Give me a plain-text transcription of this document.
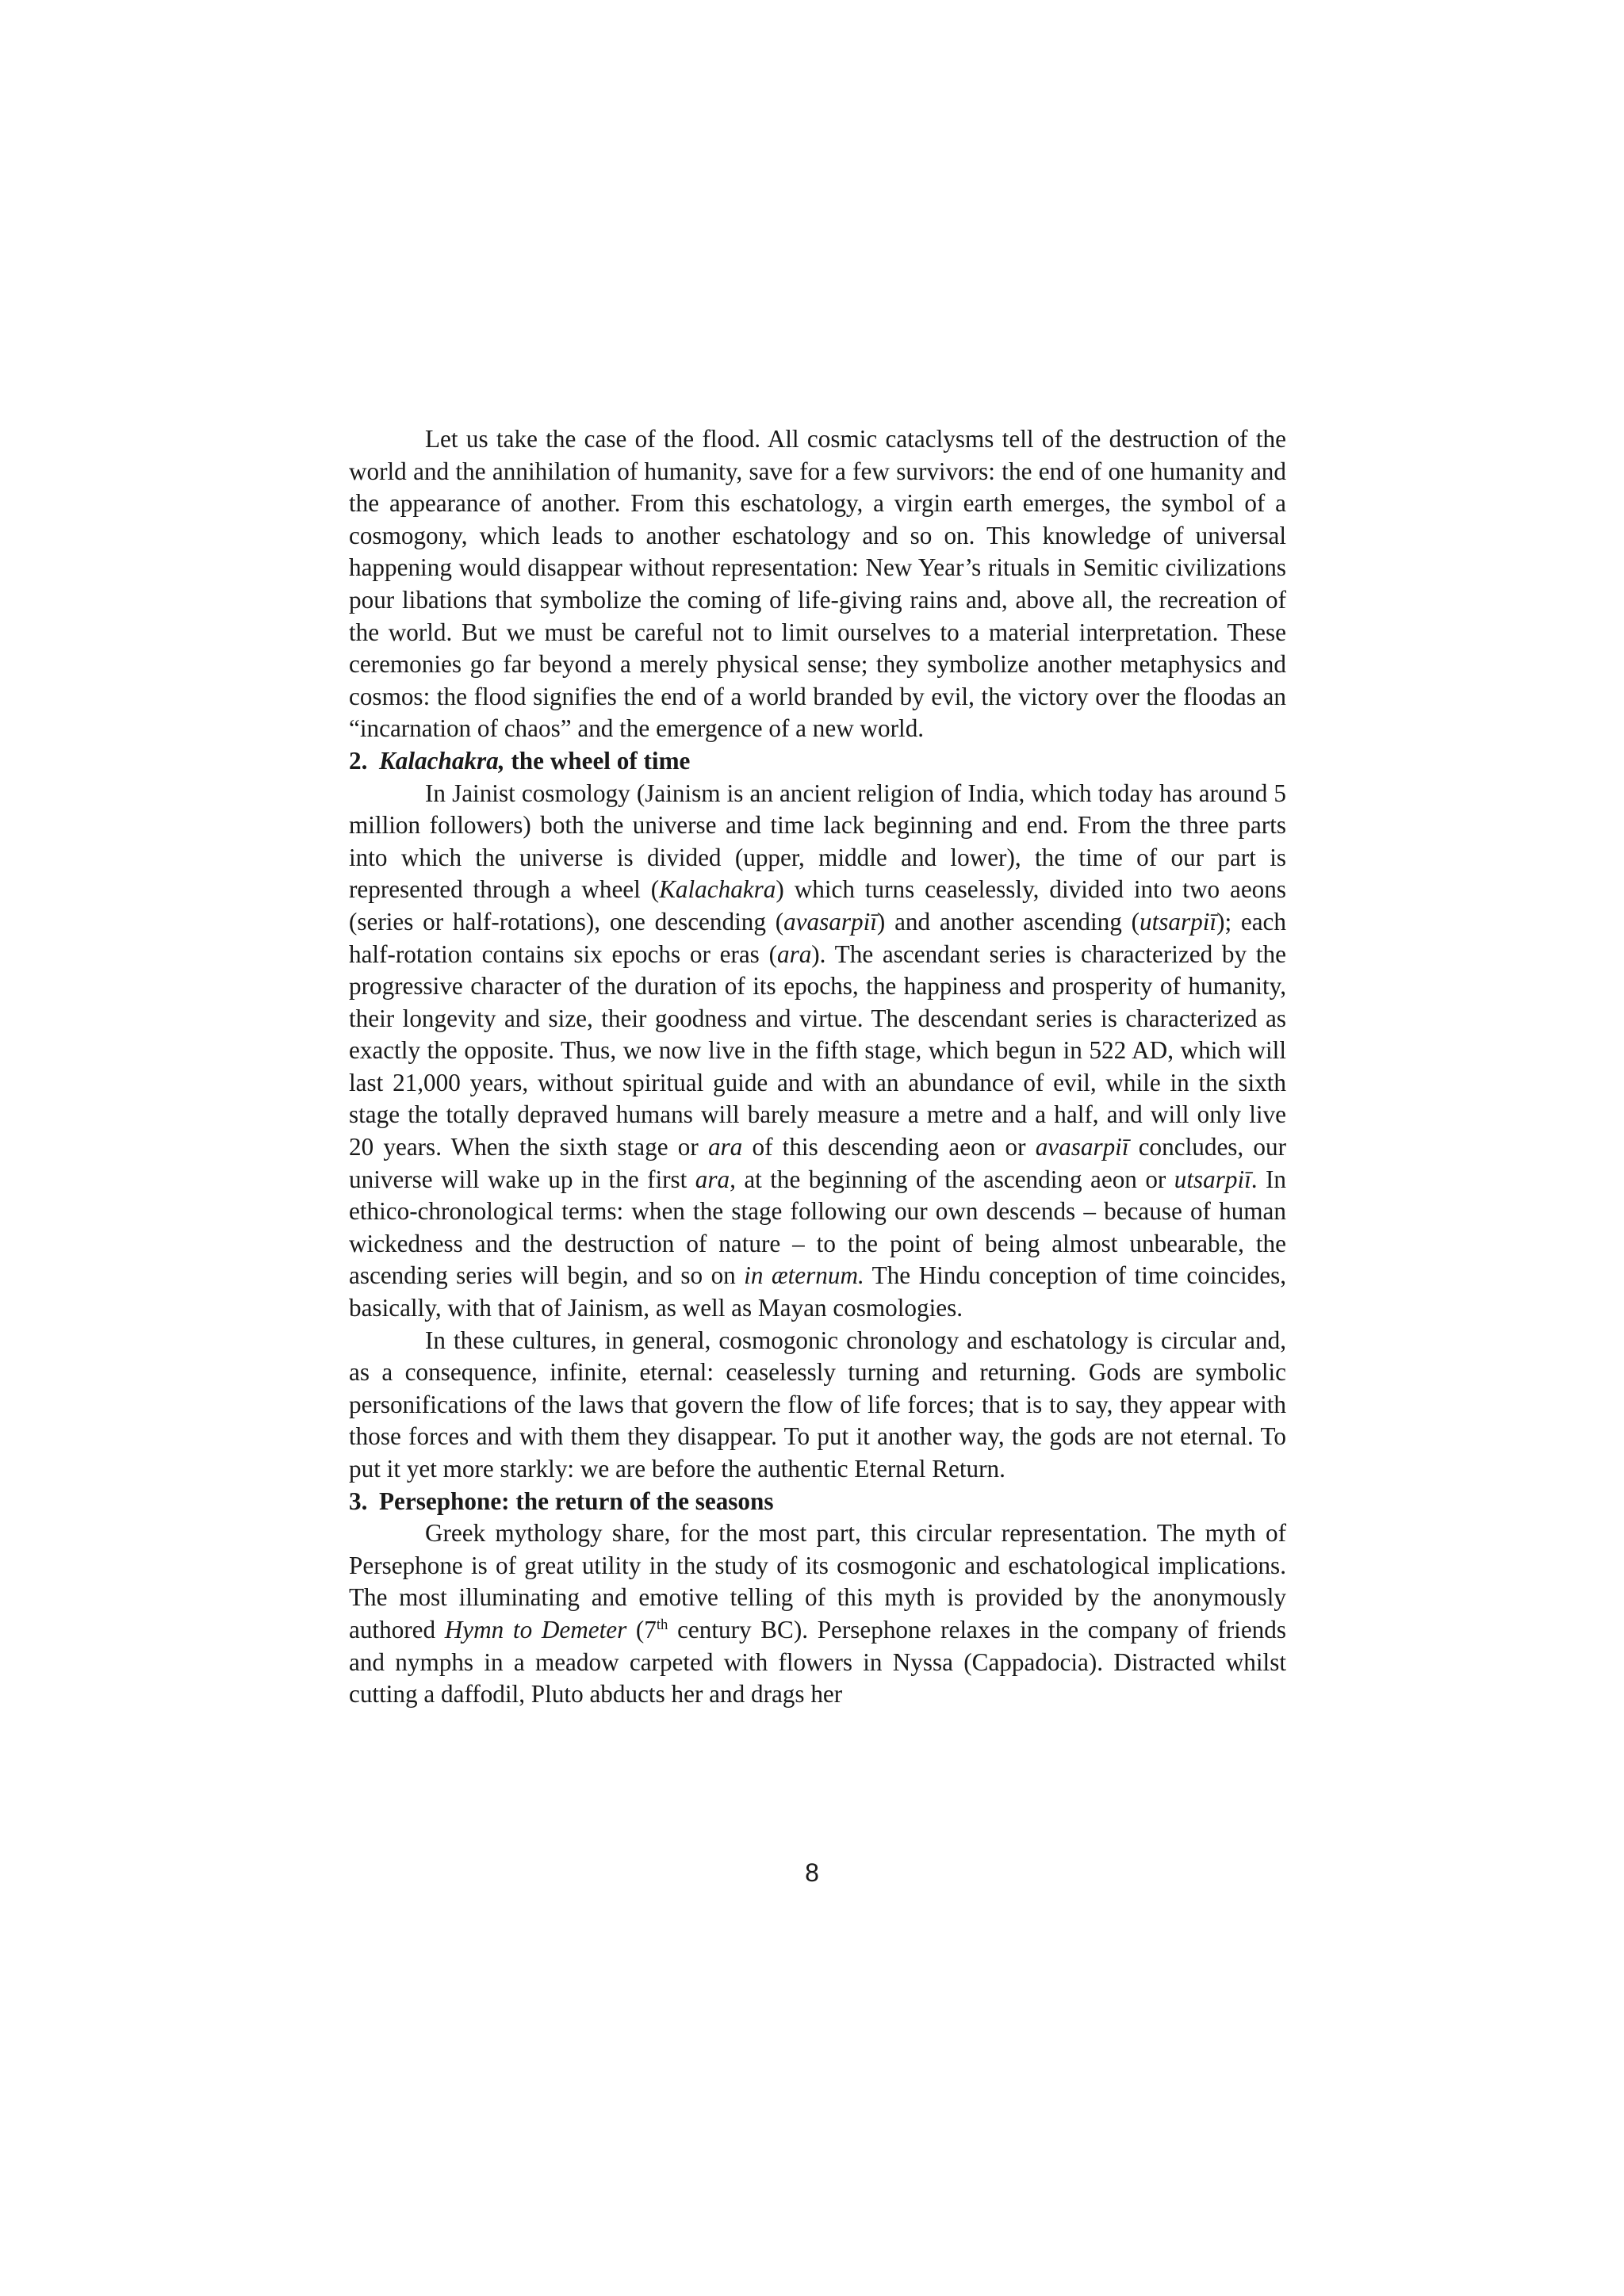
Let us take the case of the flood. All cosmic cataclysms tell of the destruction of the world and the annihilation of humanity, save for a few survivors: the end of one humanity and the appearance of another. From this eschatology, a virgin earth emerges, the symbol of a cosmogony, which leads to another eschatology and so on. This knowledge of universal happening would disappear without representation: New Year’s rituals in Semitic civilizations pour libations that symbolize the coming of life-giving rains and, above all, the recreation of the world. But we must be careful not to limit ourselves to a material interpretation. These ceremonies go far beyond a merely physical sense; they symbolize another metaphysics and cosmos: the flood signifies the end of a world branded by evil, the victory over the floodas an “incarnation of chaos” and the emergence of a new world.

2. Kalachakra, the wheel of time

In Jainist cosmology (Jainism is an ancient religion of India, which today has around 5 million followers) both the universe and time lack beginning and end. From the three parts into which the universe is divided (upper, middle and lower), the time of our part is represented through a wheel (Kalachakra) which turns ceaselessly, divided into two aeons (series or half-rotations), one descending (avasarpiī) and another ascending (utsarpiī); each half-rotation contains six epochs or eras (ara). The ascendant series is characterized by the progressive character of the duration of its epochs, the happiness and prosperity of humanity, their longevity and size, their goodness and virtue. The descendant series is characterized as exactly the opposite. Thus, we now live in the fifth stage, which begun in 522 AD, which will last 21,000 years, without spiritual guide and with an abundance of evil, while in the sixth stage the totally depraved humans will barely measure a metre and a half, and will only live 20 years. When the sixth stage or ara of this descending aeon or avasarpiī concludes, our universe will wake up in the first ara, at the beginning of the ascending aeon or utsarpiī. In ethico-chronological terms: when the stage following our own descends – because of human wickedness and the destruction of nature – to the point of being almost unbearable, the ascending series will begin, and so on in æternum. The Hindu conception of time coincides, basically, with that of Jainism, as well as Mayan cosmologies.

In these cultures, in general, cosmogonic chronology and eschatology is circular and, as a consequence, infinite, eternal: ceaselessly turning and returning. Gods are symbolic personifications of the laws that govern the flow of life forces; that is to say, they appear with those forces and with them they disappear. To put it another way, the gods are not eternal. To put it yet more starkly: we are before the authentic Eternal Return.

3. Persephone: the return of the seasons

Greek mythology share, for the most part, this circular representation. The myth of Persephone is of great utility in the study of its cosmogonic and eschatological implications. The most illuminating and emotive telling of this myth is provided by the anonymously authored Hymn to Demeter (7th century BC). Persephone relaxes in the company of friends and nymphs in a meadow carpeted with flowers in Nyssa (Cappadocia). Distracted whilst cutting a daffodil, Pluto abducts her and drags her

8
